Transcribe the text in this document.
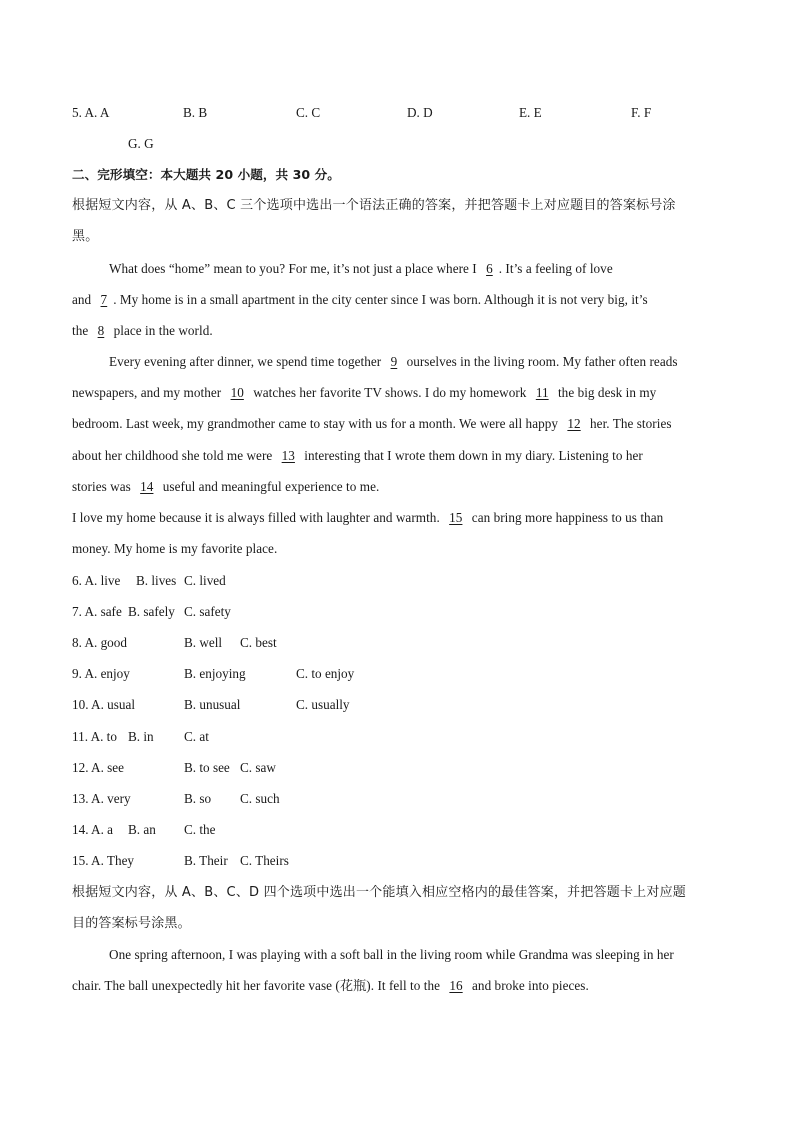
5. A. A	B. B	C. C	D. D	E. E	F. F
G. G
二、完形填空：本大题共 20 小题，共 30 分。
根据短文内容，从 A、B、C 三个选项中选出一个语法正确的答案，并把答题卡上对应题目的答案标号涂
黑。
What does “home” mean to you? For me, it’s not just a place where I 6 . It’s a feeling of love
and 7 . My home is in a small apartment in the city center since I was born. Although it is not very big, it’s
the 8 place in the world.
Every evening after dinner, we spend time together 9 ourselves in the living room. My father often reads
newspapers, and my mother 10 watches her favorite TV shows. I do my homework 11 the big desk in my
bedroom. Last week, my grandmother came to stay with us for a month. We were all happy 12 her. The stories
about her childhood she told me were 13 interesting that I wrote them down in my diary. Listening to her
stories was 14 useful and meaningful experience to me.
I love my home because it is always filled with laughter and warmth. 15 can bring more happiness to us than
money. My home is my favorite place.
6. A. live B. lives C. lived
7. A. safe B. safely C. safety
8. A. good	B. well C. best
9. A. enjoy	B. enjoying	C. to enjoy
10. A. usual	B. unusual	C. usually
11. A. to B. in C. at
12. A. see	B. to see C. saw
13. A. very	B. so C. such
14. A. a B. an C. the
15. A. They	B. Their C. Theirs
根据短文内容，从 A、B、C、D 四个选项中选出一个能填入相应空格内的最佳答案，并把答题卡上对应题
目的答案标号涂黑。
One spring afternoon, I was playing with a soft ball in the living room while Grandma was sleeping in her
chair. The ball unexpectedly hit her favorite vase (花瓶). It fell to the 16 and broke into pieces.
